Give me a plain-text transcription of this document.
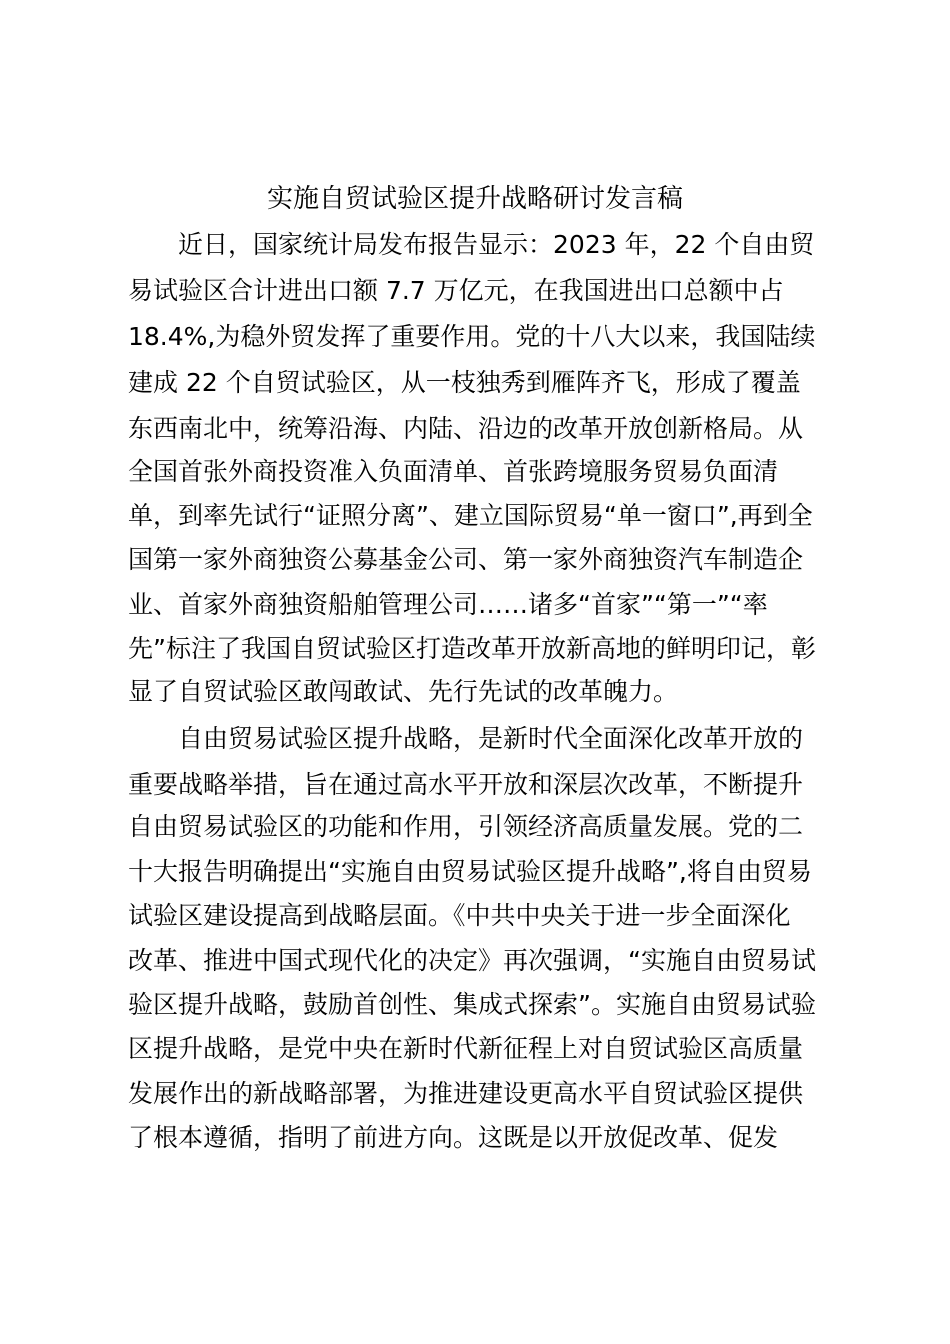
实施自贸试验区提升战略研讨发言稿
近日，国家统计局发布报告显示：2023 年，22 个自由贸
易试验区合计进出口额 7.7 万亿元，在我国进出口总额中占
18.4%,为稳外贸发挥了重要作用。党的十八大以来，我国陆续
建成 22 个自贸试验区，从一枝独秀到雁阵齐飞，形成了覆盖
东西南北中，统筹沿海、内陆、沿边的改革开放创新格局。从
全国首张外商投资准入负面清单、首张跨境服务贸易负面清
单，到率先试行“证照分离”、建立国际贸易“单一窗口”,再到全
国第一家外商独资公募基金公司、第一家外商独资汽车制造企
业、首家外商独资船舶管理公司……诸多“首家”“第一”“率
先”标注了我国自贸试验区打造改革开放新高地的鲜明印记，彰
显了自贸试验区敢闯敢试、先行先试的改革魄力。
自由贸易试验区提升战略，是新时代全面深化改革开放的
重要战略举措，旨在通过高水平开放和深层次改革，不断提升
自由贸易试验区的功能和作用，引领经济高质量发展。党的二
十大报告明确提出“实施自由贸易试验区提升战略”,将自由贸易
试验区建设提高到战略层面。《中共中央关于进一步全面深化
改革、推进中国式现代化的决定》再次强调，“实施自由贸易试
验区提升战略，鼓励首创性、集成式探索”。实施自由贸易试验
区提升战略，是党中央在新时代新征程上对自贸试验区高质量
发展作出的新战略部署，为推进建设更高水平自贸试验区提供
了根本遵循，指明了前进方向。这既是以开放促改革、促发
